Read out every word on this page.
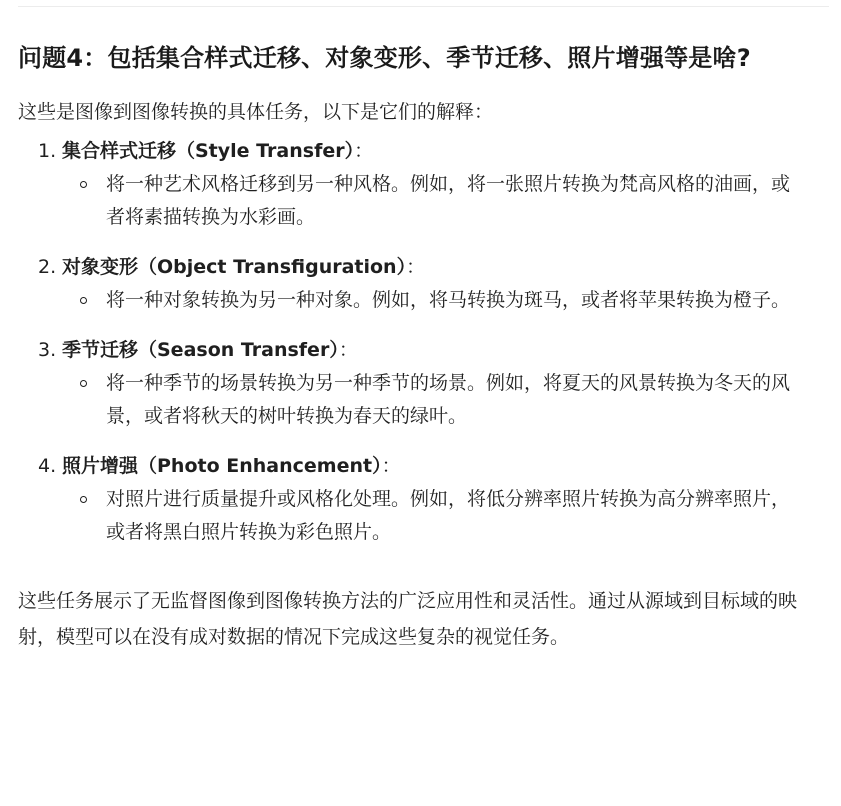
问题4：包括集合样式迁移、对象变形、季节迁移、照片增强等是啥?

这些是图像到图像转换的具体任务，以下是它们的解释：

1. 集合样式迁移（Style Transfer）：
将一种艺术风格迁移到另一种风格。例如，将一张照片转换为梵高风格的油画，或者将素描转换为水彩画。
2. 对象变形（Object Transfiguration）：
将一种对象转换为另一种对象。例如，将马转换为斑马，或者将苹果转换为橙子。
3. 季节迁移（Season Transfer）：
将一种季节的场景转换为另一种季节的场景。例如，将夏天的风景转换为冬天的风景，或者将秋天的树叶转换为春天的绿叶。
4. 照片增强（Photo Enhancement）：
对照片进行质量提升或风格化处理。例如，将低分辨率照片转换为高分辨率照片，或者将黑白照片转换为彩色照片。

这些任务展示了无监督图像到图像转换方法的广泛应用性和灵活性。通过从源域到目标域的映射，模型可以在没有成对数据的情况下完成这些复杂的视觉任务。
